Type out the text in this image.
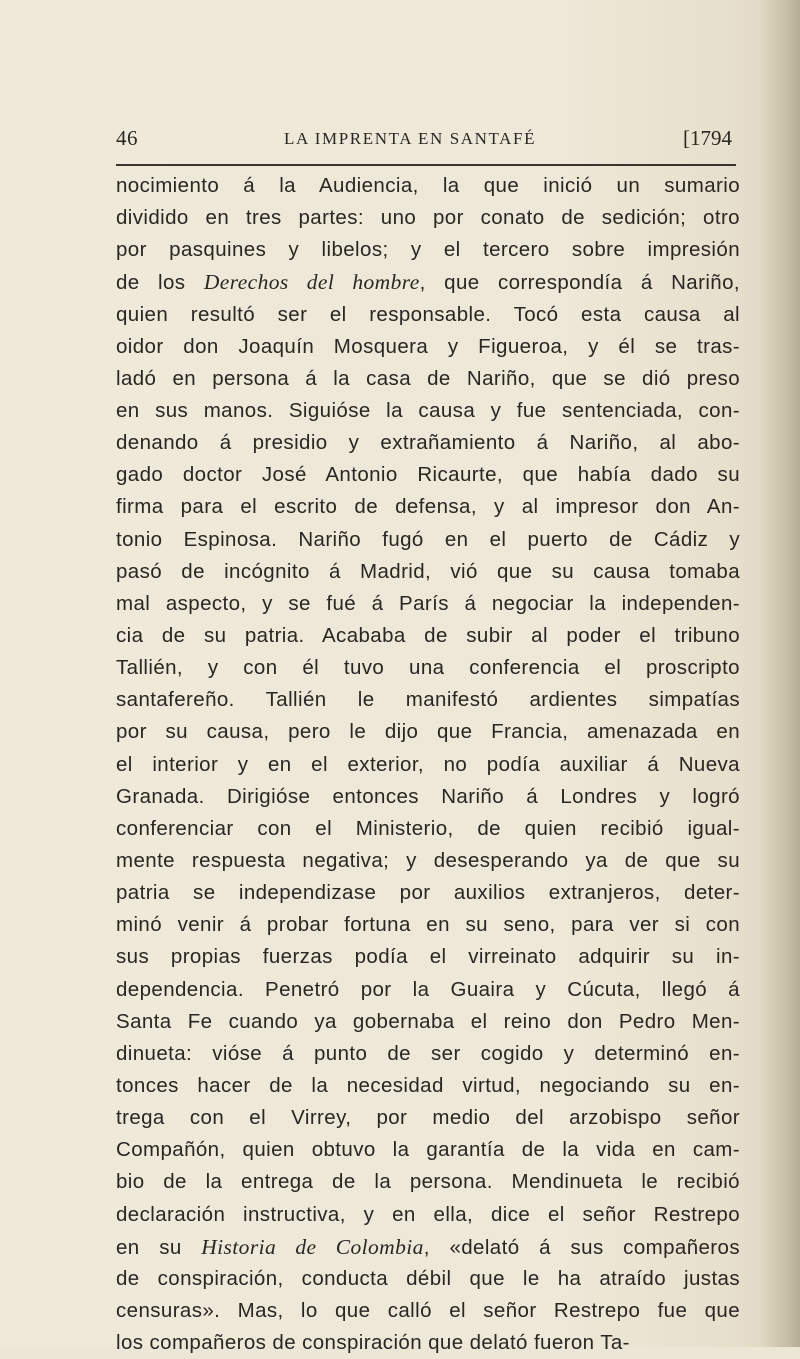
46	LA IMPRENTA EN SANTAFÉ	[1794
nocimiento á la Audiencia, la que inició un sumario
dividido en tres partes: uno por conato de sedición; otro
por pasquines y libelos; y el tercero sobre impresión
de los Derechos del hombre, que correspondía á Nariño,
quien resultó ser el responsable. Tocó esta causa al
oidor don Joaquín Mosquera y Figueroa, y él se tras-
ladó en persona á la casa de Nariño, que se dió preso
en sus manos. Siguióse la causa y fue sentenciada, con-
denando á presidio y extrañamiento á Nariño, al abo-
gado doctor José Antonio Ricaurte, que había dado su
firma para el escrito de defensa, y al impresor don An-
tonio Espinosa. Nariño fugó en el puerto de Cádiz y
pasó de incógnito á Madrid, vió que su causa tomaba
mal aspecto, y se fué á París á negociar la independen-
cia de su patria. Acababa de subir al poder el tribuno
Tallién, y con él tuvo una conferencia el proscripto
santafereño. Tallién le manifestó ardientes simpatías
por su causa, pero le dijo que Francia, amenazada en
el interior y en el exterior, no podía auxiliar á Nueva
Granada. Dirigióse entonces Nariño á Londres y logró
conferenciar con el Ministerio, de quien recibió igual-
mente respuesta negativa; y desesperando ya de que su
patria se independizase por auxilios extranjeros, deter-
minó venir á probar fortuna en su seno, para ver si con
sus propias fuerzas podía el virreinato adquirir su in-
dependencia. Penetró por la Guaira y Cúcuta, llegó á
Santa Fe cuando ya gobernaba el reino don Pedro Men-
dinueta: vióse á punto de ser cogido y determinó en-
tonces hacer de la necesidad virtud, negociando su en-
trega con el Virrey, por medio del arzobispo señor
Compañón, quien obtuvo la garantía de la vida en cam-
bio de la entrega de la persona. Mendinueta le recibió
declaración instructiva, y en ella, dice el señor Restrepo
en su Historia de Colombia, «delató á sus compañeros
de conspiración, conducta débil que le ha atraído justas
censuras». Mas, lo que calló el señor Restrepo fue que
los compañeros de conspiración que delató fueron Ta-
